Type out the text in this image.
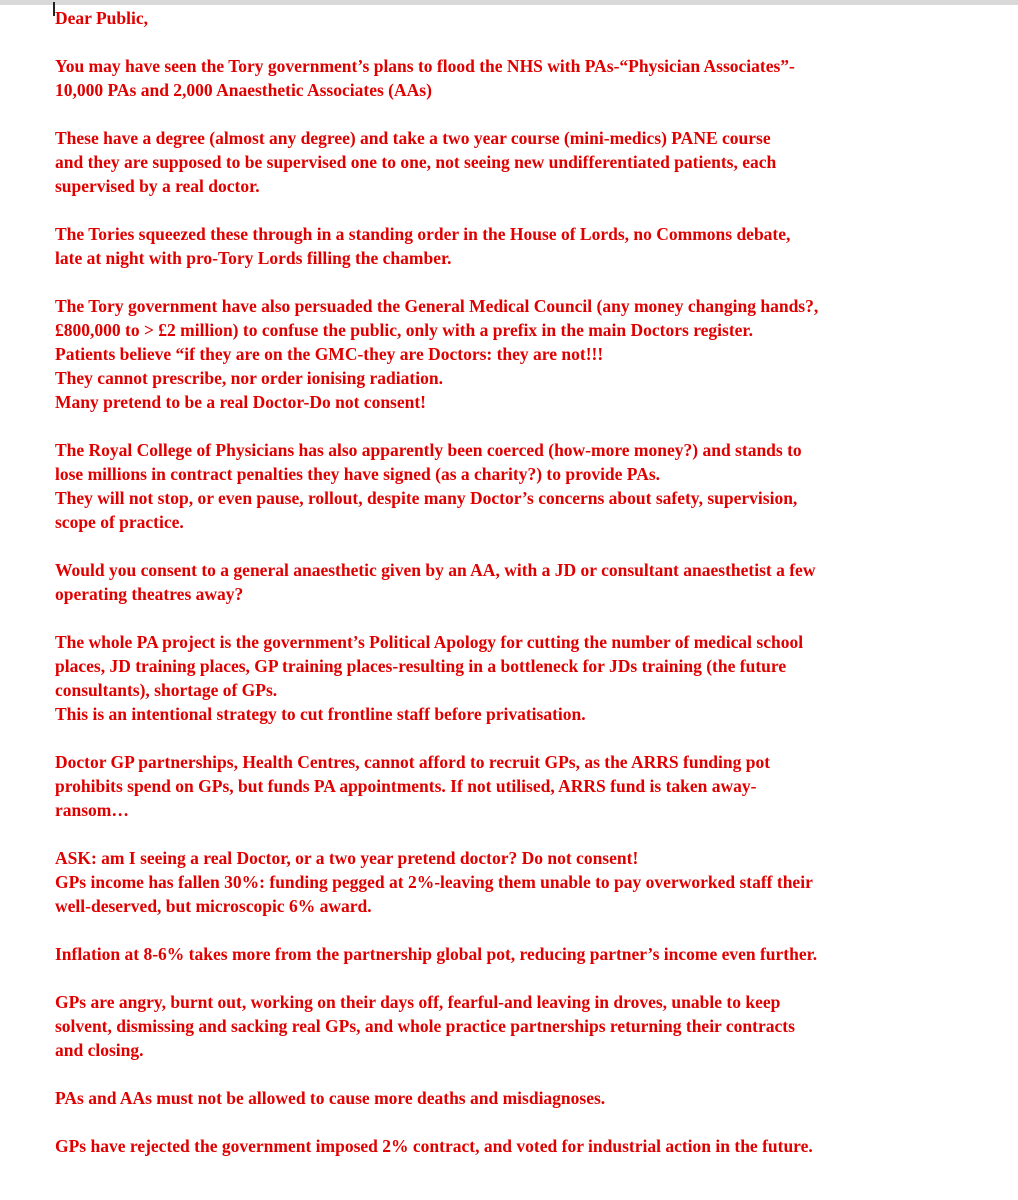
Dear Public,

You may have seen the Tory government’s plans to flood the NHS with PAs-“Physician Associates”-
10,000 PAs and 2,000 Anaesthetic Associates (AAs)

These have a degree (almost any degree) and take a two year course (mini-medics) PANE course
and they are supposed to be supervised one to one, not seeing new undifferentiated patients, each
supervised by a real doctor.

The Tories squeezed these through in a standing order in the House of Lords, no Commons debate,
late at night with pro-Tory Lords filling the chamber.

The Tory government have also persuaded the General Medical Council (any money changing hands?,
£800,000 to > £2 million) to confuse the public, only with a prefix in the main Doctors register.
Patients believe “if they are on the GMC-they are Doctors: they are not!!!
They cannot prescribe, nor order ionising radiation.
Many pretend to be a real Doctor-Do not consent!

The Royal College of Physicians has also apparently been coerced (how-more money?) and stands to
lose millions in contract penalties they have signed (as a charity?) to provide PAs.
They will not stop, or even pause, rollout, despite many Doctor’s concerns about safety, supervision,
scope of practice.

Would you consent to a general anaesthetic given by an AA, with a JD or consultant anaesthetist a few
operating theatres away?

The whole PA project is the government’s Political Apology for cutting the number of medical school
places, JD training places, GP training places-resulting in a bottleneck for JDs training (the future
consultants), shortage of GPs.
This is an intentional strategy to cut frontline staff before privatisation.

Doctor GP partnerships, Health Centres, cannot afford to recruit GPs, as the ARRS funding pot
prohibits spend on GPs, but funds PA appointments. If not utilised, ARRS fund is taken away-
ransom…

ASK: am I seeing a real Doctor, or a two year pretend doctor? Do not consent!
GPs income has fallen 30%: funding pegged at 2%-leaving them unable to pay overworked staff their
well-deserved, but microscopic 6% award.

Inflation at 8-6% takes more from the partnership global pot, reducing partner’s income even further.

GPs are angry, burnt out, working on their days off, fearful-and leaving in droves, unable to keep
solvent, dismissing and sacking real GPs, and whole practice partnerships returning their contracts
and closing.

PAs and AAs must not be allowed to cause more deaths and misdiagnoses.

GPs have rejected the government imposed 2% contract, and voted for industrial action in the future.
